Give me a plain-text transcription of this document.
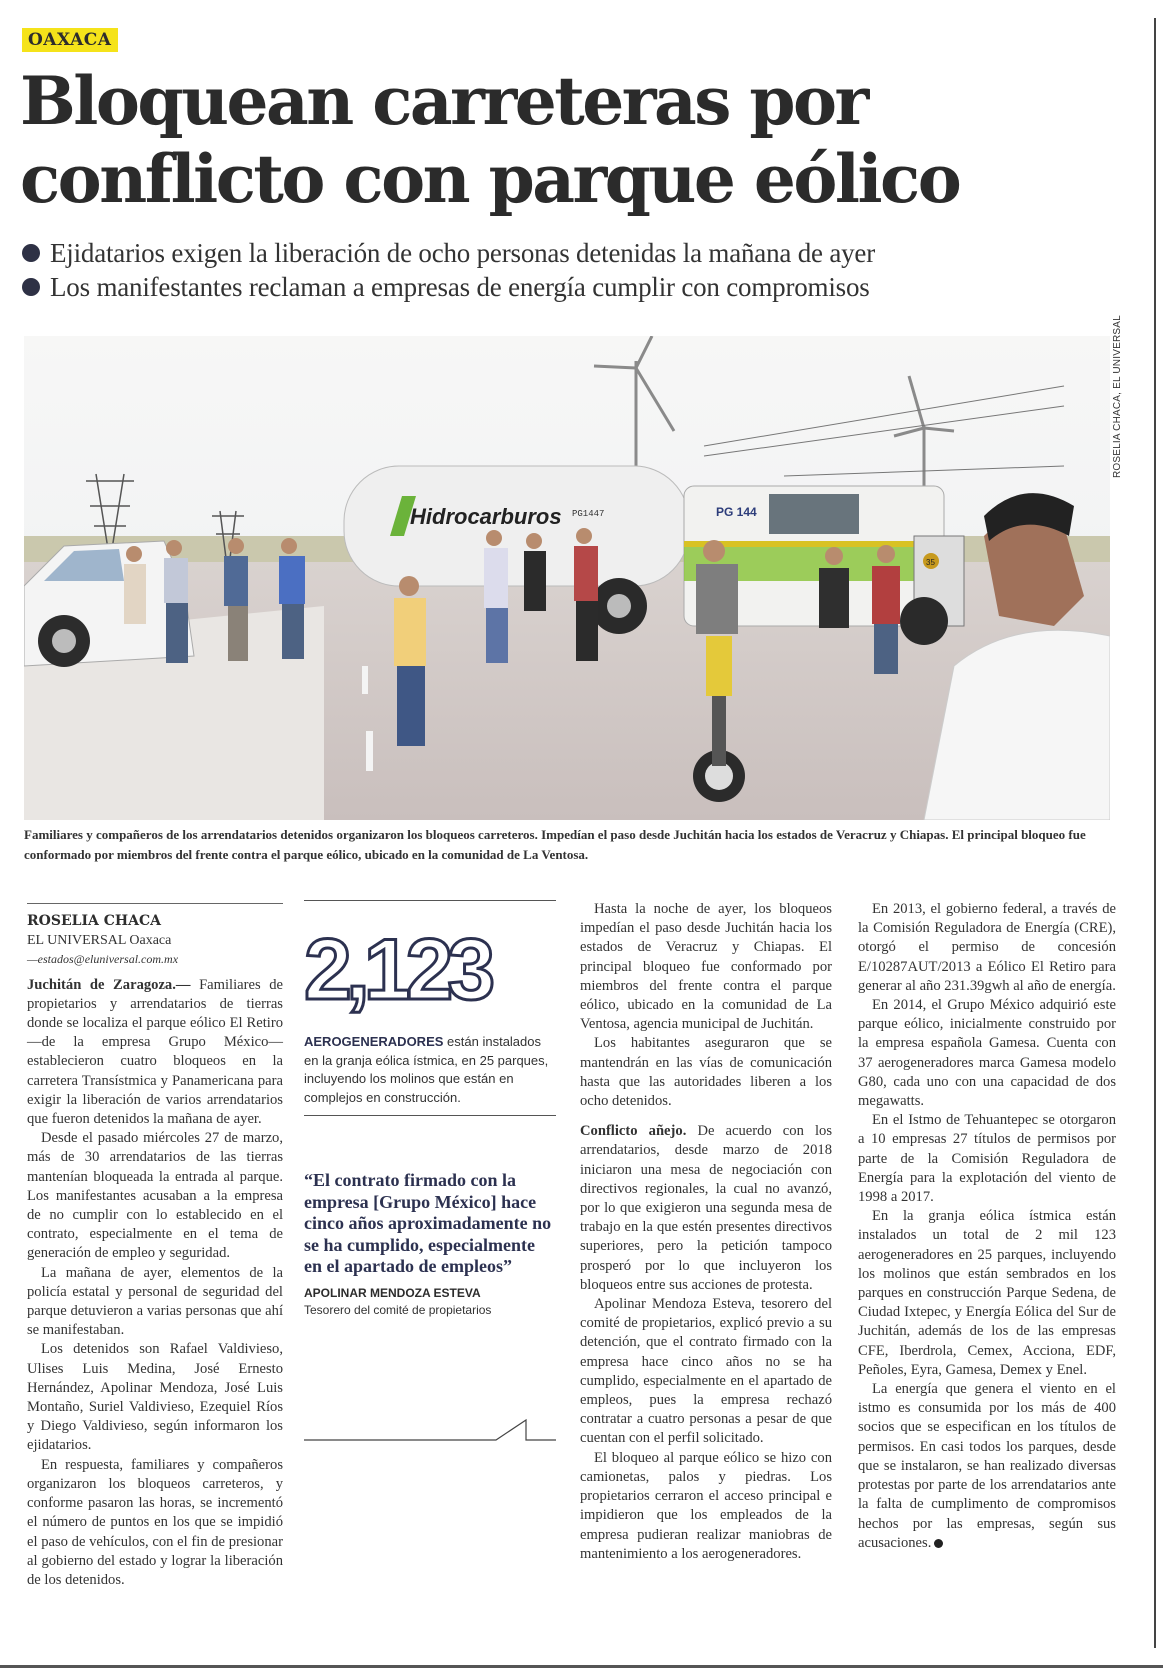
OAXACA
Bloquean carreteras por
conflicto con parque eólico
Ejidatarios exigen la liberación de ocho personas detenidas la mañana de ayer
Los manifestantes reclaman a empresas de energía cumplir con compromisos
Hidrocarburos PG1447	PG 144
35
ROSELIA CHACA, EL UNIVERSAL

Familiares y compañeros de los arrendatarios detenidos organizaron los bloqueos carreteros. Impedían el paso desde Juchitán hacia los estados de Veracruz y Chiapas. El principal bloqueo fue conformado por miembros del frente contra el parque eólico, ubicado en la comunidad de La Ventosa.

ROSELIA CHACA
EL UNIVERSAL Oaxaca
—estados@eluniversal.com.mx

Juchitán de Zaragoza.— Familiares de propietarios y arrendatarios de tierras donde se localiza el parque eólico El Retiro —de la empresa Grupo México— establecieron cuatro bloqueos en la carretera Transístmica y Panamericana para exigir la liberación de varios arrendatarios que fueron detenidos la mañana de ayer.

Desde el pasado miércoles 27 de marzo, más de 30 arrendatarios de las tierras mantenían bloqueada la entrada al parque. Los manifestantes acusaban a la empresa de no cumplir con lo establecido en el contrato, especialmente en el tema de generación de empleo y seguridad.

La mañana de ayer, elementos de la policía estatal y personal de seguridad del parque detuvieron a varias personas que ahí se manifestaban.

Los detenidos son Rafael Valdivieso, Ulises Luis Medina, José Ernesto Hernández, Apolinar Mendoza, José Luis Montaño, Suriel Valdivieso, Ezequiel Ríos y Diego Valdivieso, según informaron los ejidatarios.

En respuesta, familiares y compañeros organizaron los bloqueos carreteros, y conforme pasaron las horas, se incrementó el número de puntos en los que se impidió el paso de vehículos, con el fin de presionar al gobierno del estado y lograr la liberación de los detenidos.

2,123
AEROGENERADORES están instalados en la granja eólica ístmica, en 25 parques, incluyendo los molinos que están en complejos en construcción.
“El contrato firmado con la empresa [Grupo México] hace cinco años aproximadamente no se ha cumplido, especialmente en el apartado de empleos”
APOLINAR MENDOZA ESTEVA
Tesorero del comité de propietarios

Hasta la noche de ayer, los bloqueos impedían el paso desde Juchitán hacia los estados de Veracruz y Chiapas. El principal bloqueo fue conformado por miembros del frente contra el parque eólico, ubicado en la comunidad de La Ventosa, agencia municipal de Juchitán.

Los habitantes aseguraron que se mantendrán en las vías de comunicación hasta que las autoridades liberen a los ocho detenidos.

Conflicto añejo. De acuerdo con los arrendatarios, desde marzo de 2018 iniciaron una mesa de negociación con directivos regionales, la cual no avanzó, por lo que exigieron una segunda mesa de trabajo en la que estén presentes directivos superiores, pero la petición tampoco prosperó por lo que incluyeron los bloqueos entre sus acciones de protesta.

Apolinar Mendoza Esteva, tesorero del comité de propietarios, explicó previo a su detención, que el contrato firmado con la empresa hace cinco años no se ha cumplido, especialmente en el apartado de empleos, pues la empresa rechazó contratar a cuatro personas a pesar de que cuentan con el perfil solicitado.

El bloqueo al parque eólico se hizo con camionetas, palos y piedras. Los propietarios cerraron el acceso principal e impidieron que los empleados de la empresa pudieran realizar maniobras de mantenimiento a los aerogeneradores.

En 2013, el gobierno federal, a través de la Comisión Reguladora de Energía (CRE), otorgó el permiso de concesión E/10287AUT/2013 a Eólico El Retiro para generar al año 231.39gwh al año de energía.

En 2014, el Grupo México adquirió este parque eólico, inicialmente construido por la empresa española Gamesa. Cuenta con 37 aerogeneradores marca Gamesa modelo G80, cada uno con una capacidad de dos megawatts.

En el Istmo de Tehuantepec se otorgaron a 10 empresas 27 títulos de permisos por parte de la Comisión Reguladora de Energía para la explotación del viento de 1998 a 2017.

En la granja eólica ístmica están instalados un total de 2 mil 123 aerogeneradores en 25 parques, incluyendo los molinos que están sembrados en los parques en construcción Parque Sedena, de Ciudad Ixtepec, y Energía Eólica del Sur de Juchitán, además de los de las empresas CFE, Iberdrola, Cemex, Acciona, EDF, Peñoles, Eyra, Gamesa, Demex y Enel.

La energía que genera el viento en el istmo es consumida por los más de 400 socios que se especifican en los títulos de permisos. En casi todos los parques, desde que se instalaron, se han realizado diversas protestas por parte de los arrendatarios ante la falta de cumplimento de compromisos hechos por las empresas, según sus acusaciones.
